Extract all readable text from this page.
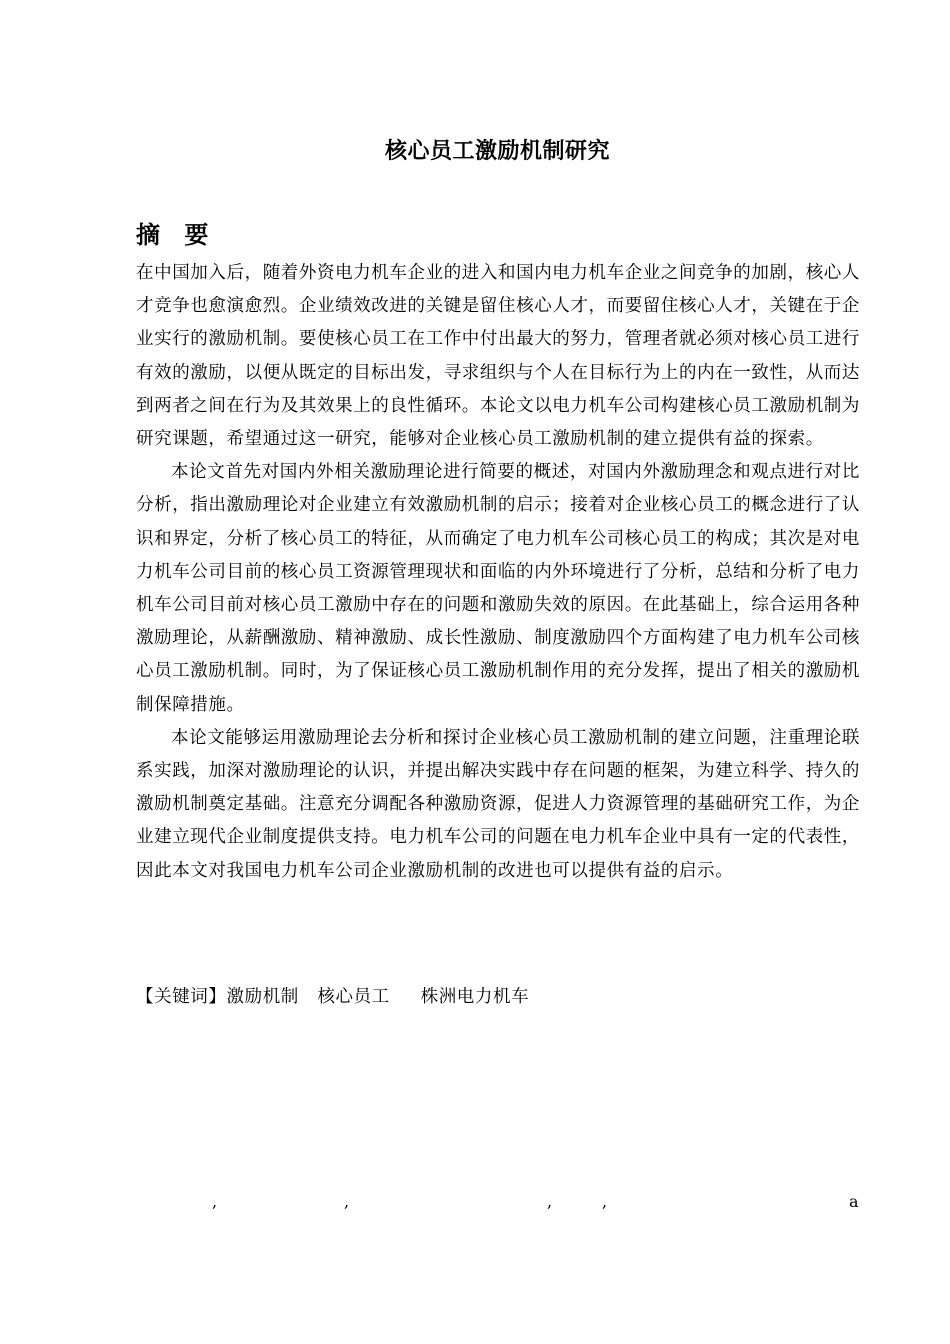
核心员工激励机制研究
摘 要

在中国加入后，随着外资电力机车企业的进入和国内电力机车企业之间竞争的加剧，核心人才竞争也愈演愈烈。企业绩效改进的关键是留住核心人才，而要留住核心人才，关键在于企业实行的激励机制。要使核心员工在工作中付出最大的努力，管理者就必须对核心员工进行有效的激励，以便从既定的目标出发，寻求组织与个人在目标行为上的内在一致性，从而达到两者之间在行为及其效果上的良性循环。本论文以电力机车公司构建核心员工激励机制为研究课题，希望通过这一研究，能够对企业核心员工激励机制的建立提供有益的探索。

本论文首先对国内外相关激励理论进行简要的概述，对国内外激励理念和观点进行对比分析，指出激励理论对企业建立有效激励机制的启示；接着对企业核心员工的概念进行了认识和界定，分析了核心员工的特征，从而确定了电力机车公司核心员工的构成；其次是对电力机车公司目前的核心员工资源管理现状和面临的内外环境进行了分析，总结和分析了电力机车公司目前对核心员工激励中存在的问题和激励失效的原因。在此基础上，综合运用各种激励理论，从薪酬激励、精神激励、成长性激励、制度激励四个方面构建了电力机车公司核心员工激励机制。同时，为了保证核心员工激励机制作用的充分发挥，提出了相关的激励机制保障措施。

本论文能够运用激励理论去分析和探讨企业核心员工激励机制的建立问题，注重理论联系实践，加深对激励理论的认识，并提出解决实践中存在问题的框架，为建立科学、持久的激励机制奠定基础。注意充分调配各种激励资源，促进人力资源管理的基础研究工作，为企业建立现代企业制度提供支持。电力机车公司的问题在电力机车企业中具有一定的代表性，因此本文对我国电力机车公司企业激励机制的改进也可以提供有益的启示。

【关键词】激励机制   核心员工     株洲电力机车
,	,	,	,	a
